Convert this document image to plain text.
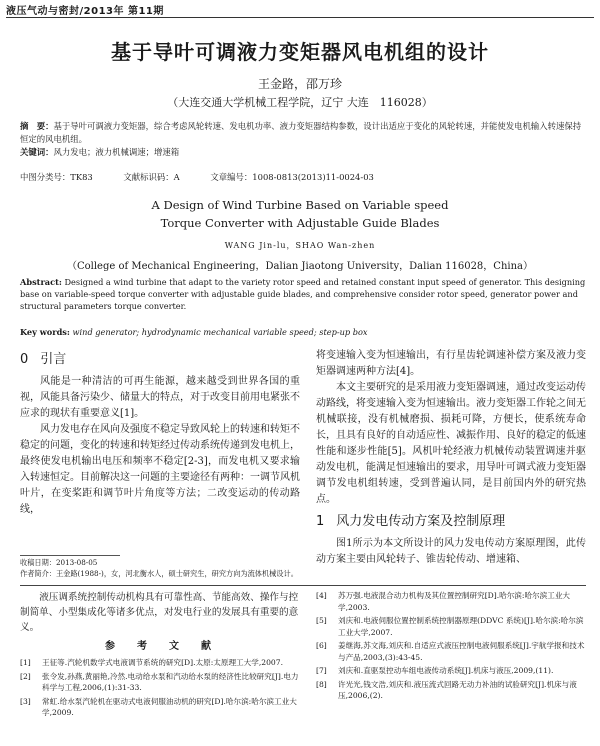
液压气动与密封/2013年 第11期
基于导叶可调液力变矩器风电机组的设计
王金路，邵万珍
（大连交通大学机械工程学院，辽宁 大连　116028）
摘　要：基于导叶可调液力变矩器，综合考虑风轮转速、发电机功率、液力变矩器结构参数，设计出适应于变化的风轮转速，并能使发电机输入转速保持恒定的风电机组。
关键词：风力发电；液力机械调速；增速箱
中图分类号：TK83	文献标识码：A	文章编号：1008-0813(2013)11-0024-03
A Design of Wind Turbine Based on Variable speed
Torque Converter with Adjustable Guide Blades
WANG Jin-lu，SHAO Wan-zhen
（College of Mechanical Engineering，Dalian Jiaotong University，Dalian 116028，China）
Abstract: Designed a wind turbine that adapt to the variety rotor speed and retained constant input speed of generator. This designing base on variable-speed torque converter with adjustable guide blades, and comprehensive consider rotor speed, generator power and structural parameters torque converter.
Key words: wind generator; hydrodynamic mechanical variable speed; step-up box
0 引言

风能是一种清洁的可再生能源，越来越受到世界各国的重视，风能具备污染少、储量大的特点，对于改变目前用电紧张不应求的现状有重要意义[1]。

风力发电存在风向及强度不稳定导致风轮上的转速和转矩不稳定的问题，变化的转速和转矩经过传动系统传递到发电机上，最终使发电机输出电压和频率不稳定[2-3]，而发电机又要求输入转速恒定。目前解决这一问题的主要途径有两种：一调节风机叶片，在变桨距和调节叶片角度等方法；二改变运动的传动路线，

将变速输入变为恒速输出，有行星齿轮调速补偿方案及液力变矩器调速两种方法[4]。

本文主要研究的是采用液力变矩器调速，通过改变运动传动路线，将变速输入变为恒速输出。液力变矩器工作轮之间无机械联接，没有机械磨损、损耗可降，方便长，使系统寿命长，且具有良好的自动适应性、减振作用、良好的稳定的低速性能和逐步性能[5]。风机叶轮经液力机械传动装置调速并驱动发电机，能满足恒速输出的要求，用导叶可调式液力变矩器调节发电机组转速，受到普遍认同，是目前国内外的研究热点。

1 风力发电传动方案及控制原理

图1所示为本文所设计的风力发电传动方案原理图，此传动方案主要由风轮转子、锥齿轮传动、增速箱、

收稿日期：2013-08-05
作者简介：王金路(1988-)，女，河北衡水人，硕士研究生，研究方向为流体机械设计。

液压调系统控制传动机构具有可靠性高、节能高效、操作与控制简单、小型集成化等诸多优点，对发电行业的发展具有重要的意义。

参　考　文　献
[1]	王征等.汽轮机数学式电液调节系统的研究[D].太原:太原理工大学,2007.
[2]	张令发,孙燕,黄丽艳,冷然.电动给水泵和汽动给水泵的经济性比较研究[J].电力科学与工程,2006,(1):31-33.
[3]	常虹.给水泵汽轮机在驱动式电液伺服油动机的研究[D].哈尔滨:哈尔滨工业大学,2009.
[4]	苏万强.电液混合动力机构及其位置控制研究[D].哈尔滨:哈尔滨工业大学,2003.
[5]	刘庆和.电液伺服位置控制系统控制器原理(DDVC 系统)[J].哈尔滨:哈尔滨工业大学,2007.
[6]	姜继海,苏文海,刘庆和.自适应式液压控制电液伺服系统[J].宇航学报和技术与产品,2003,(3):43-45.
[7]	刘庆和.直驱泵控动车组电液传动系统[J].机床与液压,2009,(11).
[8]	许光光,钱文浩,刘庆和.液压流式回路无动力补油的试验研究[J].机床与液压,2006,(2).
